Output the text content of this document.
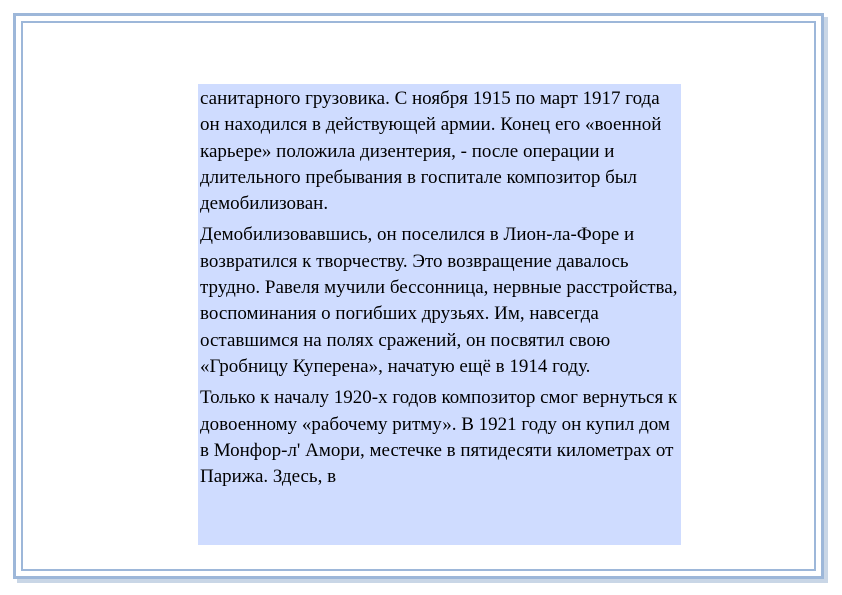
санитарного грузовика. С ноября 1915 по март 1917 года он находился в действующей армии. Конец его «военной карьере» положила дизентерия, - после операции и длительного пребывания в госпитале композитор был демобилизован.

Демобилизовавшись, он поселился в Лион-ла-Форе и возвратился к творчеству. Это возвращение давалось трудно. Равеля мучили бессонница, нервные расстройства, воспоминания о погибших друзьях. Им, навсегда оставшимся на полях сражений, он посвятил свою «Гробницу Куперена», начатую ещё в 1914 году.

Только к началу 1920-х годов композитор смог вернуться к довоенному «рабочему ритму». В 1921 году он купил дом в Монфор-л' Амори, местечке в пятидесяти километрах от Парижа. Здесь, в
